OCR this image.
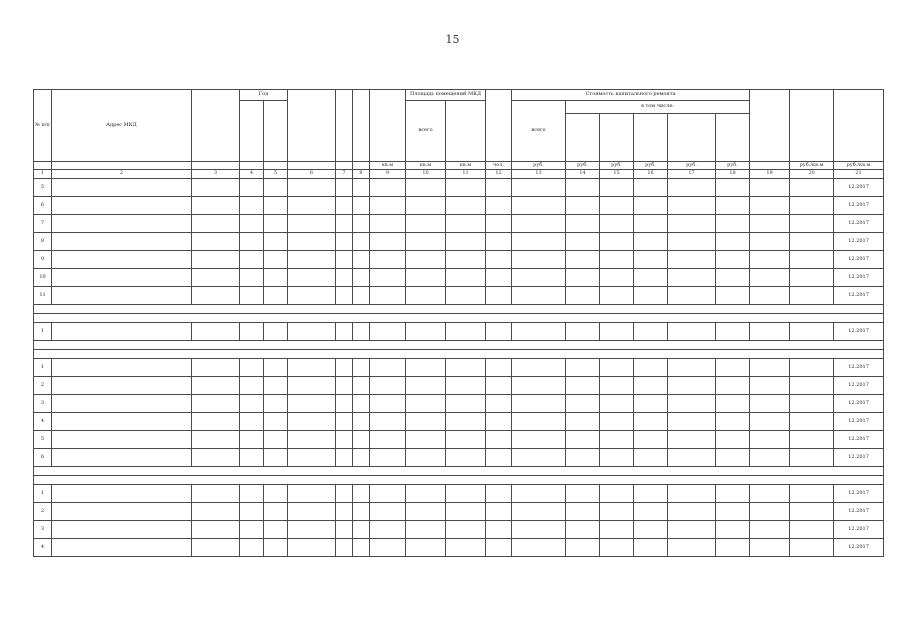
15
№ п/п	Адрес МКД		Год						Площадь помещений МКД			Стоимость капитального ремонта								
									всего			всего	в том числе:							

								кв.м	кв.м	кв.м	чел.	руб.	руб.	руб.	руб.	руб.	руб.		руб./кв.м	руб./кв.м
1	2	3	4	5	6	7	8	9	10	11	12	13	14	15	16	17	18	19	20	21
5																				12.2017
6																				12.2017
7																				12.2017
8																				12.2017
9																				12.2017
10																				12.2017
11																				12.2017

1																				12.2017

1																				12.2017
2																				12.2017
3																				12.2017
4																				12.2017
5																				12.2017
6																				12.2017

1																				12.2017
2																				12.2017
3																				12.2017
4																				12.2017
